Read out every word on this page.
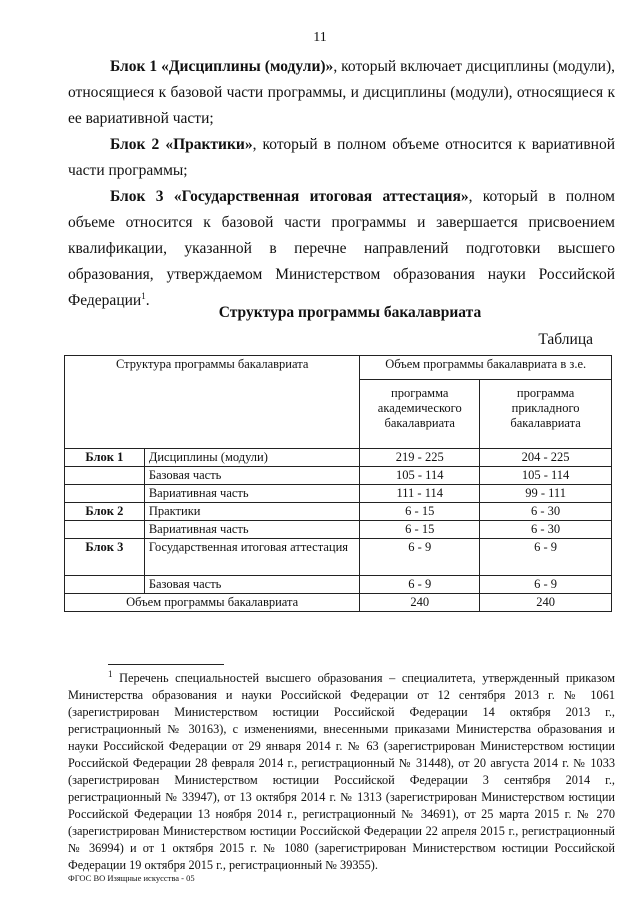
11
Блок 1 «Дисциплины (модули)», который включает дисциплины (модули), относящиеся к базовой части программы, и дисциплины (модули), относящиеся к ее вариативной части;
Блок 2 «Практики», который в полном объеме относится к вариативной части программы;
Блок 3 «Государственная итоговая аттестация», который в полном объеме относится к базовой части программы и завершается присвоением квалификации, указанной в перечне направлений подготовки высшего образования, утверждаемом Министерством образования науки Российской Федерации$^1$.
Структура программы бакалавриата
Таблица
Структура программы бакалавриата		Объем программы бакалавриата в з.е.	
		программа академического бакалавриата	программа прикладного бакалавриата
Блок 1	Дисциплины (модули)	219 - 225	204 - 225
	Базовая часть	105 - 114	105 - 114
	Вариативная часть	111 - 114	99 - 111
Блок 2	Практики	6 - 15	6 - 30
	Вариативная часть	6 - 15	6 - 30
Блок 3	Государственная итоговая аттестация	6 - 9	6 - 9
	Базовая часть	6 - 9	6 - 9
Объем программы бакалавриата		240	240
$^1$ Перечень специальностей высшего образования – специалитета, утвержденный приказом Министерства образования и науки Российской Федерации от 12 сентября 2013 г. № 1061 (зарегистрирован Министерством юстиции Российской Федерации 14 октября 2013 г., регистрационный № 30163), с изменениями, внесенными приказами Министерства образования и науки Российской Федерации от 29 января 2014 г. № 63 (зарегистрирован Министерством юстиции Российской Федерации 28 февраля 2014 г., регистрационный № 31448), от 20 августа 2014 г. № 1033 (зарегистрирован Министерством юстиции Российской Федерации 3 сентября 2014 г., регистрационный № 33947), от 13 октября 2014 г. № 1313 (зарегистрирован Министерством юстиции Российской Федерации 13 ноября 2014 г., регистрационный № 34691), от 25 марта 2015 г. № 270 (зарегистрирован Министерством юстиции Российской Федерации 22 апреля 2015 г., регистрационный № 36994) и от 1 октября 2015 г. № 1080 (зарегистрирован Министерством юстиции Российской Федерации 19 октября 2015 г., регистрационный № 39355).
ФГОС ВО Изящные искусства - 05
